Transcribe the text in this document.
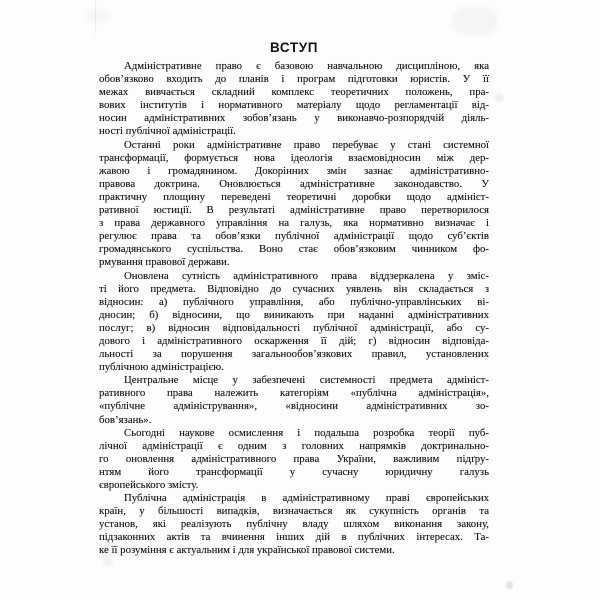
ВСТУП
Адміністративне право є базовою навчальною дисципліною, яка
обов’язково входить до планів і програм підготовки юристів. У її
межах вивчається складний комплекс теоретичних положень, пра-
вових інститутів і нормативного матеріалу щодо регламентації від-
носин адміністративних зобов’язань у виконавчо-розпорядчій діяль-
ності публічної адміністрації.
Останні роки адміністративне право перебуває у стані системної
трансформації, формується нова ідеологія взаємовідносин між дер-
жавою і громадянином. Докорінних змін зазнає адміністративно-
правова доктрина. Оновлюється адміністративне законодавство. У
практичну площину переведені теоретичні доробки щодо адмініст-
ративної юстиції. В результаті адміністративне право перетворилося
з права державного управління на галузь, яка нормативно визначає і
регулює права та обов’язки публічної адміністрації щодо суб’єктів
громадянського суспільства. Воно стає обов’язковим чинником фо-
рмування правової держави.
Оновлена сутність адміністративного права віддзеркалена у зміс-
ті його предмета. Відповідно до сучасних уявлень він складається з
відносин: а) публічного управління, або публічно-управлінських ві-
дносин; б) відносини, що виникають при наданні адміністративних
послуг; в) відносин відповідальності публічної адміністрації, або су-
дового і адміністративного оскарження її дій; г) відносин відповіда-
льності за порушення загальнообов’язкових правил, установлених
публічною адміністрацією.
Центральне місце у забезпечені системності предмета адмініст-
ративного права належить категоріям «публічна адміністрація»,
«публічне адміністрування», «відносини адміністративних зо-
бов’язань».
Сьогодні наукове осмислення і подальша розробка теорії пуб-
лічної адміністрації є одним з головних напрямків доктринально-
го оновлення адміністративного права України, важливим підґру-
нтям його трансформації у сучасну юридичну галузь
європейського змісту.
Публічна адміністрація в адміністративному праві європейських
країн, у більшості випадків, визначається як сукупність органів та
установ, які реалізують публічну владу шляхом виконання закону,
підзаконних актів та вчинення інших дій в публічних інтересах. Та-
ке її розуміння є актуальним і для української правової системи.
